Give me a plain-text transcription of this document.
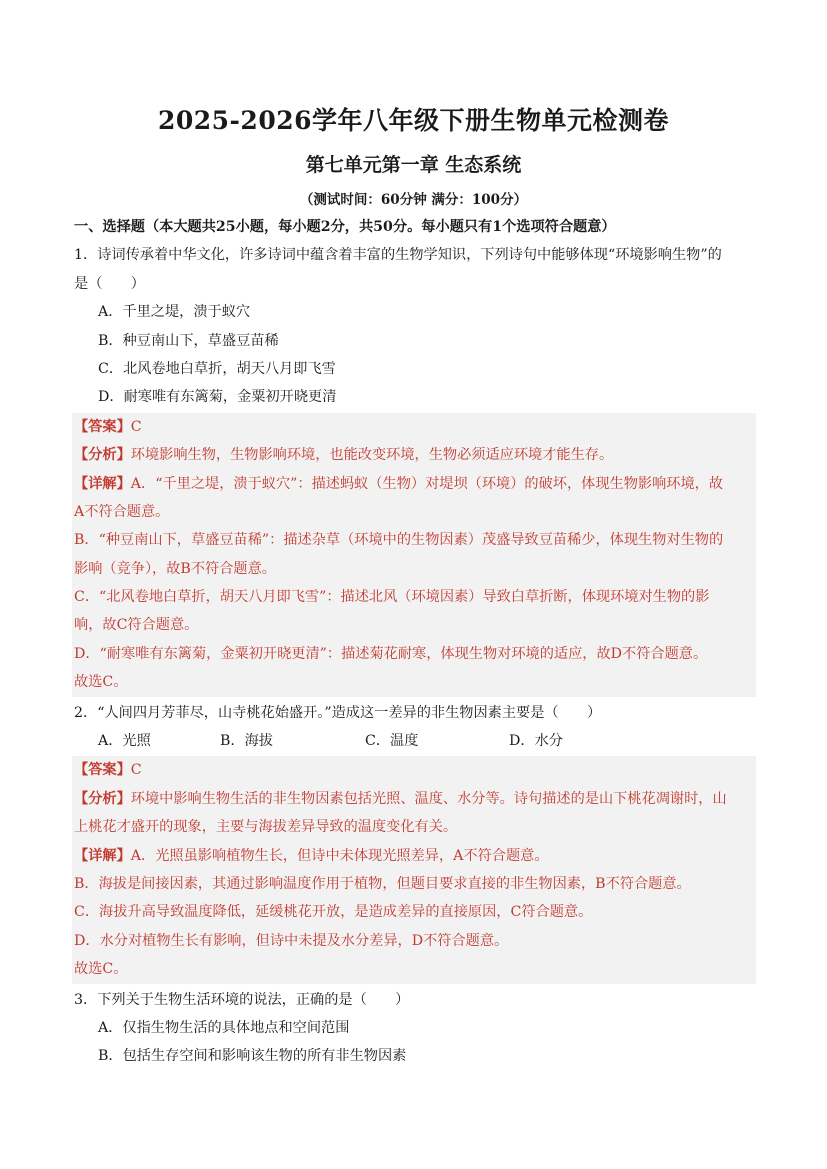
2025-2026学年八年级下册生物单元检测卷
第七单元第一章 生态系统
（测试时间：60分钟 满分：100分）
一、选择题（本大题共25小题，每小题2分，共50分。每小题只有1个选项符合题意）
1．诗词传承着中华文化，许多诗词中蕴含着丰富的生物学知识，下列诗句中能够体现“环境影响生物”的
是（　　）
A．千里之堤，溃于蚁穴
B．种豆南山下，草盛豆苗稀
C．北风卷地白草折，胡天八月即飞雪
D．耐寒唯有东篱菊，金粟初开晓更清
【答案】C
【分析】环境影响生物，生物影响环境，也能改变环境，生物必须适应环境才能生存。
【详解】A．“千里之堤，溃于蚁穴”：描述蚂蚁（生物）对堤坝（环境）的破坏，体现生物影响环境，故
A不符合题意。
B．“种豆南山下，草盛豆苗稀”：描述杂草（环境中的生物因素）茂盛导致豆苗稀少，体现生物对生物的
影响（竞争），故B不符合题意。
C．“北风卷地白草折，胡天八月即飞雪”：描述北风（环境因素）导致白草折断，体现环境对生物的影
响，故C符合题意。
D．“耐寒唯有东篱菊，金粟初开晓更清”：描述菊花耐寒，体现生物对环境的适应，故D不符合题意。
故选C。
2．“人间四月芳菲尽，山寺桃花始盛开。”造成这一差异的非生物因素主要是（　　）
A．光照	B．海拔	C．温度	D．水分
【答案】C
【分析】环境中影响生物生活的非生物因素包括光照、温度、水分等。诗句描述的是山下桃花凋谢时，山
上桃花才盛开的现象，主要与海拔差异导致的温度变化有关。
【详解】A．光照虽影响植物生长，但诗中未体现光照差异，A不符合题意。
B．海拔是间接因素，其通过影响温度作用于植物，但题目要求直接的非生物因素，B不符合题意。
C．海拔升高导致温度降低，延缓桃花开放，是造成差异的直接原因，C符合题意。
D．水分对植物生长有影响，但诗中未提及水分差异，D不符合题意。
故选C。
3．下列关于生物生活环境的说法，正确的是（　　）
A．仅指生物生活的具体地点和空间范围
B．包括生存空间和影响该生物的所有非生物因素
